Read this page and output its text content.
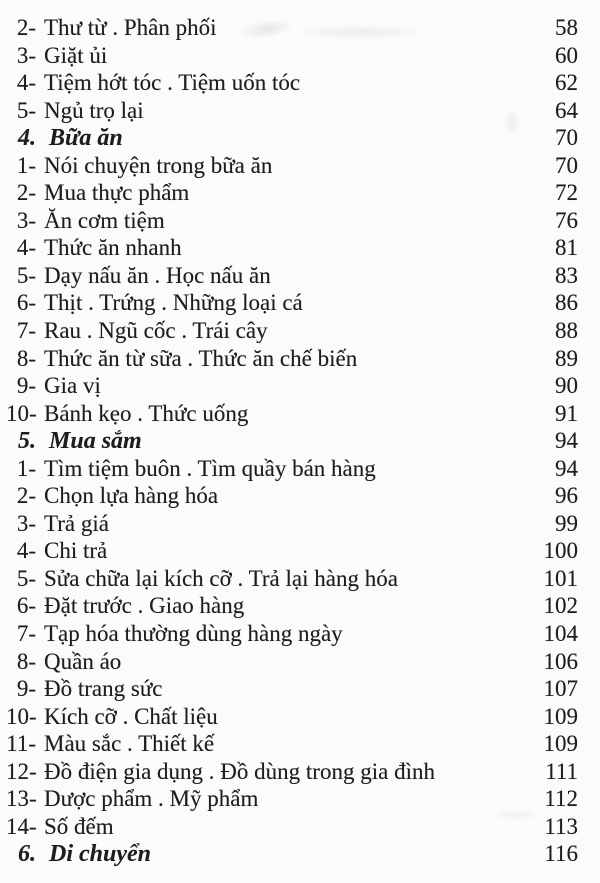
2- Thư từ . Phân phối	58
3- Giặt ủi	60
4- Tiệm hớt tóc . Tiệm uốn tóc	62
5- Ngủ trọ lại	64
4. Bữa ăn	70
1- Nói chuyện trong bữa ăn	70
2- Mua thực phẩm	72
3- Ăn cơm tiệm	76
4- Thức ăn nhanh	81
5- Dạy nấu ăn . Học nấu ăn	83
6- Thịt . Trứng . Những loại cá	86
7- Rau . Ngũ cốc . Trái cây	88
8- Thức ăn từ sữa . Thức ăn chế biến	89
9- Gia vị	90
10- Bánh kẹo . Thức uống	91
5. Mua sắm	94
1- Tìm tiệm buôn . Tìm quầy bán hàng	94
2- Chọn lựa hàng hóa	96
3- Trả giá	99
4- Chi trả	100
5- Sửa chữa lại kích cỡ . Trả lại hàng hóa	101
6- Đặt trước . Giao hàng	102
7- Tạp hóa thường dùng hàng ngày	104
8- Quần áo	106
9- Đồ trang sức	107
10- Kích cỡ . Chất liệu	109
11- Màu sắc . Thiết kế	109
12- Đồ điện gia dụng . Đồ dùng trong gia đình	111
13- Dược phẩm . Mỹ phẩm	112
14- Số đếm	113
6. Di chuyển	116
